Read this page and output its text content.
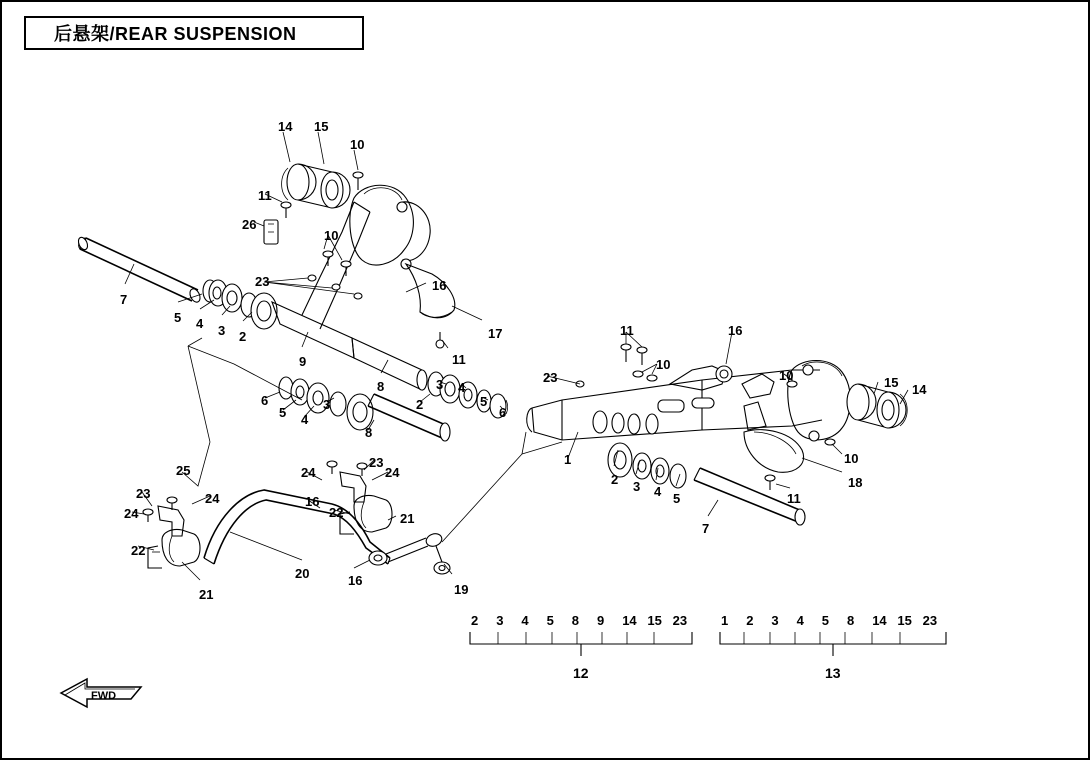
后悬架/REAR SUSPENSION
FWD
14 15
10
11
26
10
23	16
7
5 4 3 2	17
9	11
8
6
5 4
3	2
3 4
5
6
8
11	16
10
10
23	15 14
10
18
1
2 3 4 5	11
7
25	24
23
24
23	24
24
16
22	21
22
20	16
21	19
2 3 4 5 8 9 14 15 23	1 2 3 4 5 8 14 15 23
12	13
